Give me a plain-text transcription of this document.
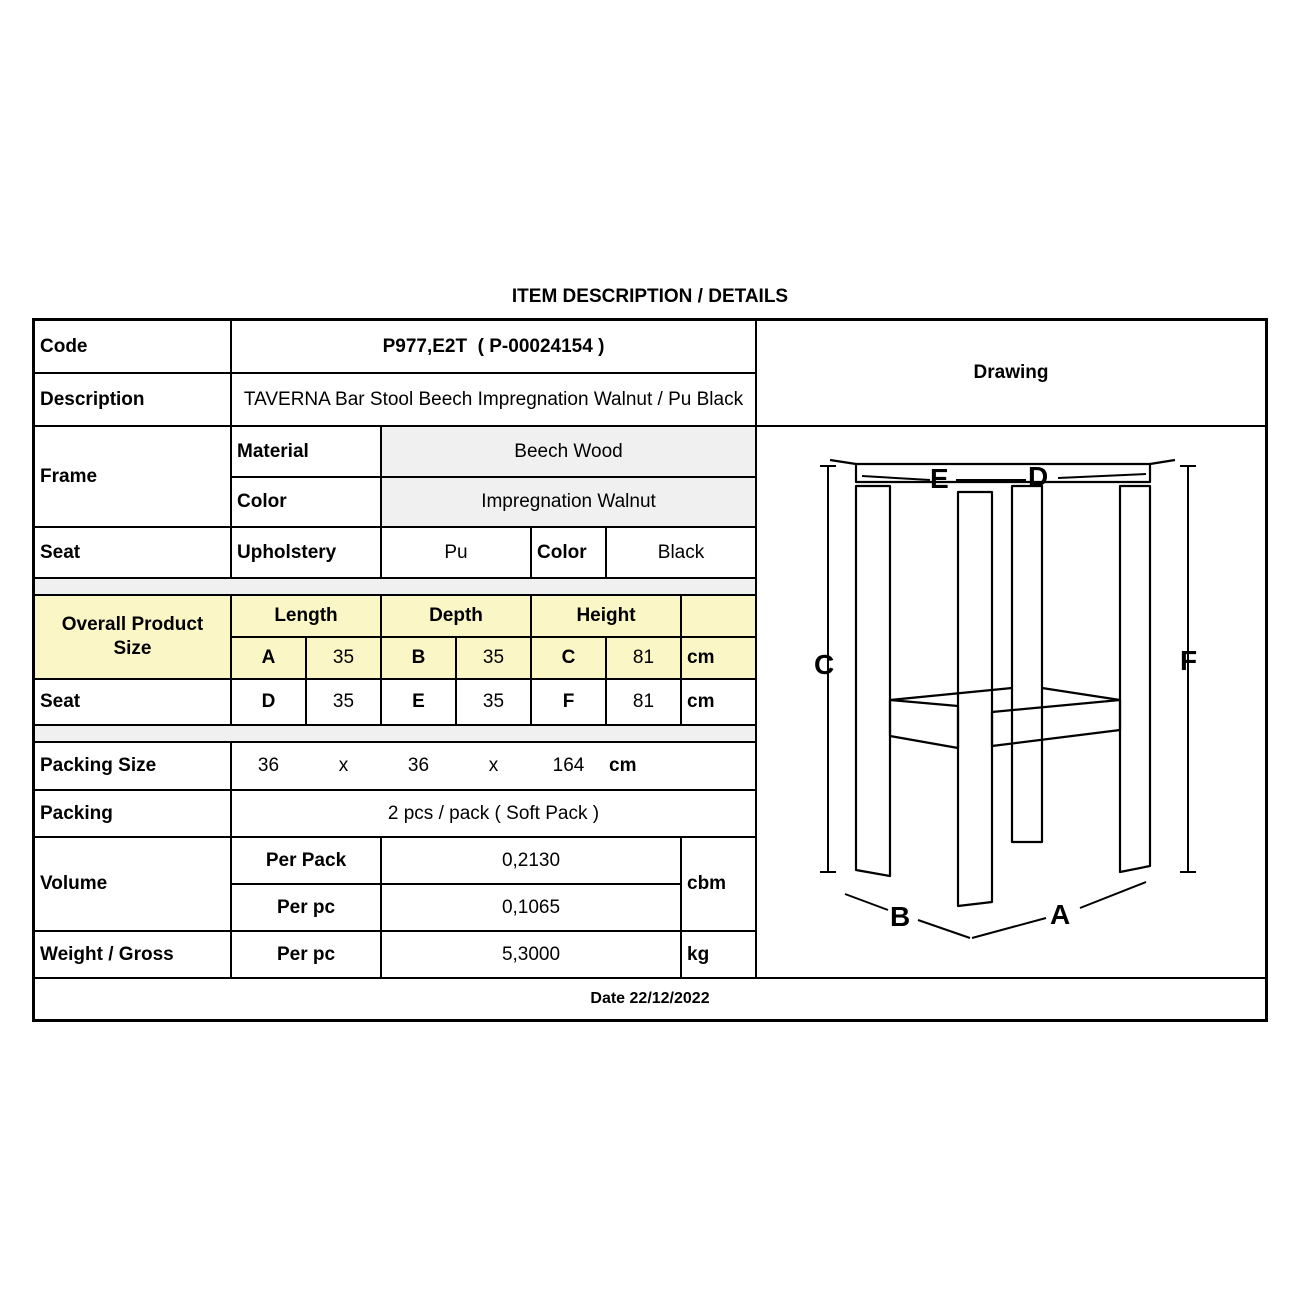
ITEM DESCRIPTION / DETAILS
Code	P977,E2T  ( P-00024154 )
Description	TAVERNA Bar Stool Beech Impregnation Walnut / Pu Black
Drawing
Frame
Material	Beech Wood
Color	Impregnation Walnut
Seat	Upholstery	Pu	Color	Black
Overall Product Size
Length	Depth	Height
A	35	B	35	C	81	cm
Seat	D	35	E	35	F	81	cm
Packing Size	36	x	36	x	164	cm
Packing	2 pcs / pack ( Soft Pack )
Volume
Per Pack	0,2130
Per pc	0,1065
cbm
Weight / Gross	Per pc	5,3000	kg
Date 22/12/2022
E	D
C	F
B	A
